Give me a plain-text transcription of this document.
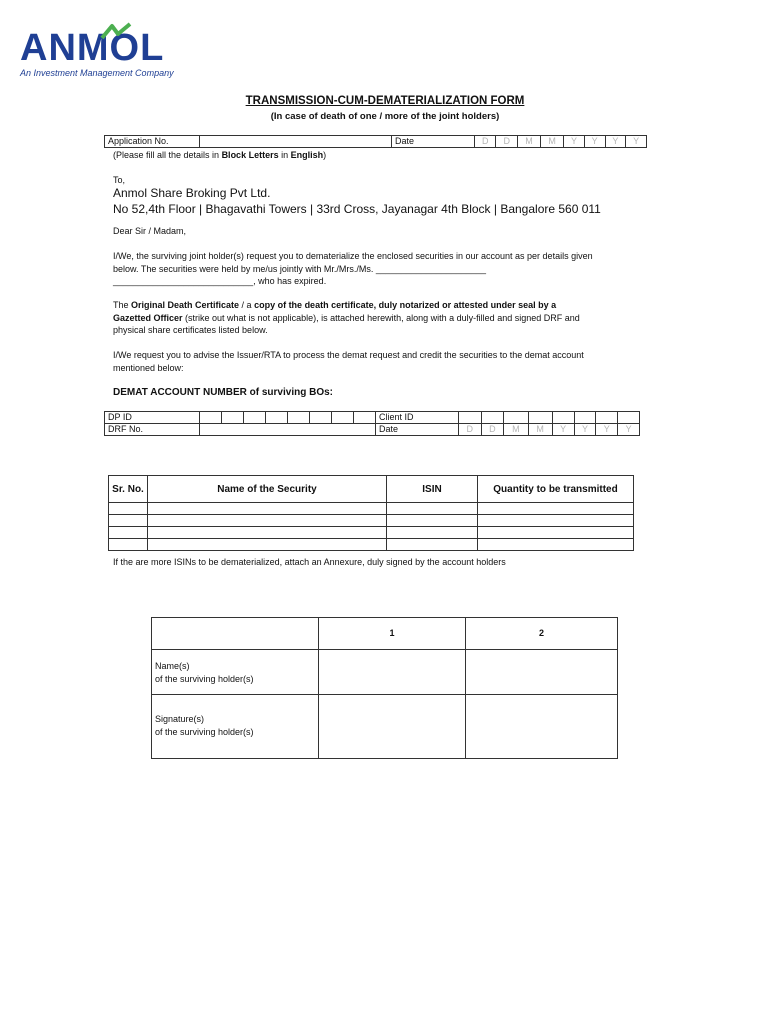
ANMOL
An Investment Management Company
TRANSMISSION-CUM-DEMATERIALIZATION FORM
(In case of death of one / more of the joint holders)
Application No.		Date	D	D	M	M	Y	Y	Y	Y
(Please fill all the details in Block Letters in English)
To,
Anmol Share Broking Pvt Ltd.
No 52,4th Floor | Bhagavathi Towers | 33rd Cross, Jayanagar 4th Block | Bangalore 560 011
Dear Sir / Madam,
I/We, the surviving joint holder(s) request you to dematerialize the enclosed securities in our account as per details given
below. The securities were held by me/us jointly with Mr./Mrs./Ms. ______________________
____________________________, who has expired.
The Original Death Certificate / a copy of the death certificate, duly notarized or attested under seal by a
Gazetted Officer (strike out what is not applicable), is attached herewith, along with a duly-filled and signed DRF and
physical share certificates listed below.
I/We request you to advise the Issuer/RTA to process the demat request and credit the securities to the demat account
mentioned below:
DEMAT ACCOUNT NUMBER of surviving BOs:
DP ID									Client ID								
DRF No.									Date	D	D	M	M	Y	Y	Y	Y
Sr. No.	Name of the Security	ISIN	Quantity to be transmitted

If the are more ISINs to be dematerialized, attach an Annexure, duly signed by the account holders
	1	2

Name(s)
of the surviving holder(s)		

Signature(s)
of the surviving holder(s)		
